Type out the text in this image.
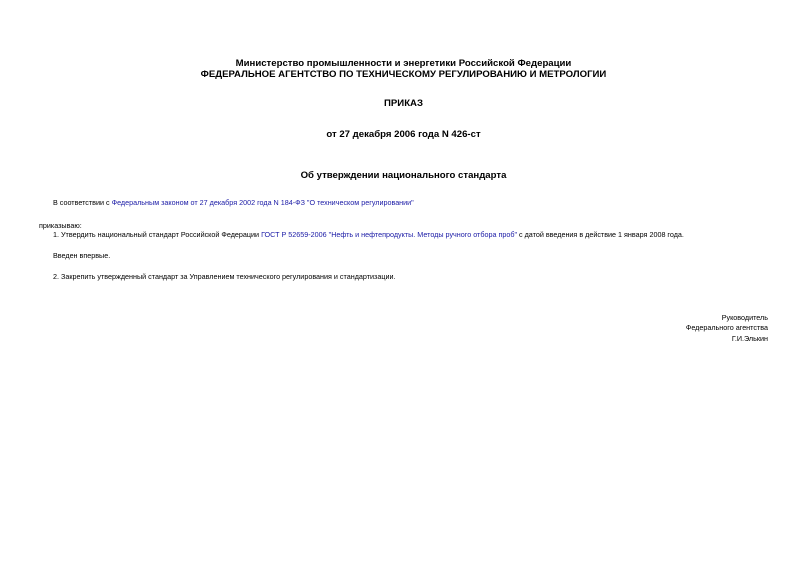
Министерство промышленности и энергетики Российской Федерации
ФЕДЕРАЛЬНОЕ АГЕНТСТВО ПО ТЕХНИЧЕСКОМУ РЕГУЛИРОВАНИЮ И МЕТРОЛОГИИ
ПРИКАЗ
от 27 декабря 2006 года N 426-ст
Об утверждении национального стандарта
В соответствии с Федеральным законом от 27 декабря 2002 года N 184-ФЗ "О техническом регулировании"
приказываю:
1. Утвердить национальный стандарт Российской Федерации ГОСТ Р 52659-2006 "Нефть и нефтепродукты. Методы ручного отбора проб" с датой введения в действие 1 января 2008 года.
Введен впервые.
2. Закрепить утвержденный стандарт за Управлением технического регулирования и стандартизации.
Руководитель
Федерального агентства
Г.И.Элькин
